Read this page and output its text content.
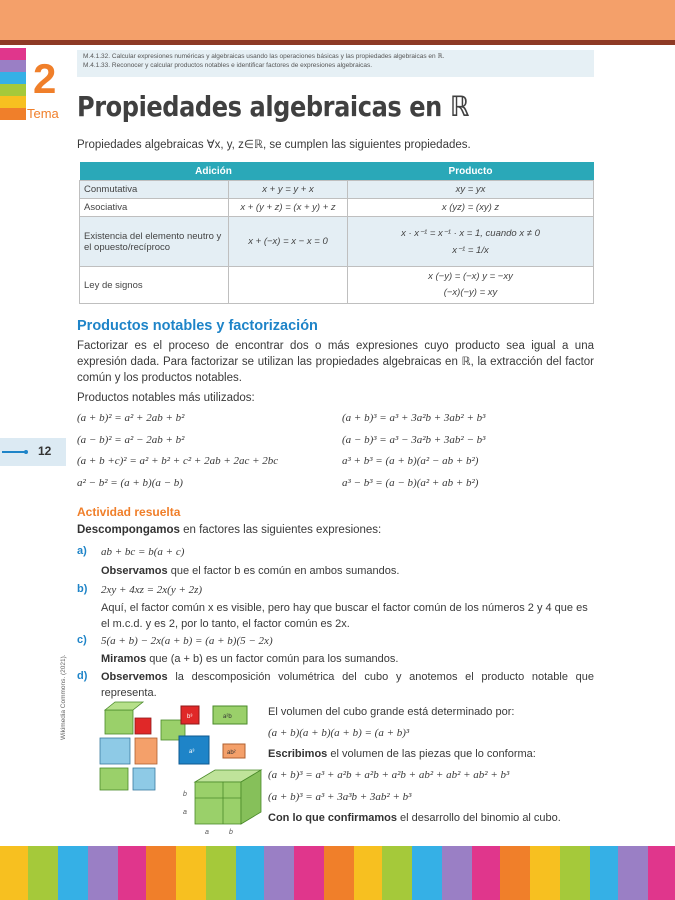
2
Tema
M.4.1.32. Calcular expresiones numéricas y algebraicas usando las operaciones básicas y las propiedades algebraicas en ℝ.
M.4.1.33. Reconocer y calcular productos notables e identificar factores de expresiones algebraicas.
Propiedades algebraicas en ℝ
Propiedades algebraicas ∀x, y, z∈ℝ, se cumplen las siguientes propiedades.
Adición		Producto
Conmutativa	x + y = y + x	xy = yx
Asociativa	x + (y + z) = (x + y) + z	x (yz) = (xy) z
Existencia del elemento neutro y el opuesto/recíproco	x + (−x) = x − x = 0	x · x⁻¹ = x⁻¹ · x = 1, cuando x ≠ 0
x⁻¹ = 1/x

Ley de signos		x (−y) = (−x) y = −xy
(−x)(−y) = xy
Productos notables y factorización
Factorizar es el proceso de encontrar dos o más expresiones cuyo producto sea igual a una expresión dada. Para factorizar se utilizan las propiedades algebraicas en ℝ, la extracción del factor común y los productos notables.
Productos notables más utilizados:
(a + b)² = a² + 2ab + b²
(a − b)² = a² − 2ab + b²
(a + b +c)² = a² + b² + c² + 2ab + 2ac + 2bc
a² − b² = (a + b)(a − b)
(a + b)³ = a³ + 3a²b + 3ab² + b³
(a − b)³ = a³ − 3a²b + 3ab² − b³
a³ + b³ = (a + b)(a² − ab + b²)
a³ − b³ = (a − b)(a² + ab + b²)
12
Actividad resuelta
Descompongamos en factores las siguientes expresiones:
a) ab + bc = b(a + c)
Observamos que el factor b es común en ambos sumandos.
b) 2xy + 4xz = 2x(y + 2z)
Aquí, el factor común x es visible, pero hay que buscar el factor común de los números 2 y 4 que es el m.c.d. y es 2, por lo tanto, el factor común es 2x.
c) 5(a + b) − 2x(a + b) = (a + b)(5 − 2x)
Miramos que (a + b) es un factor común para los sumandos.
d) Observemos la descomposición volumétrica del cubo y anotemos el producto notable que representa.
b³	a²b
a³	ab²
b
a
a	b
El volumen del cubo grande está determinado por:
(a + b)(a + b)(a + b) = (a + b)³
Escribimos el volumen de las piezas que lo conforma:
(a + b)³ = a³ + a²b + a²b + a²b + ab² + ab² + ab² + b³
(a + b)³ = a³ + 3a³b + 3ab² + b³
Con lo que confirmamos el desarrollo del binomio al cubo.
Wikimedia Commons. (2021).
